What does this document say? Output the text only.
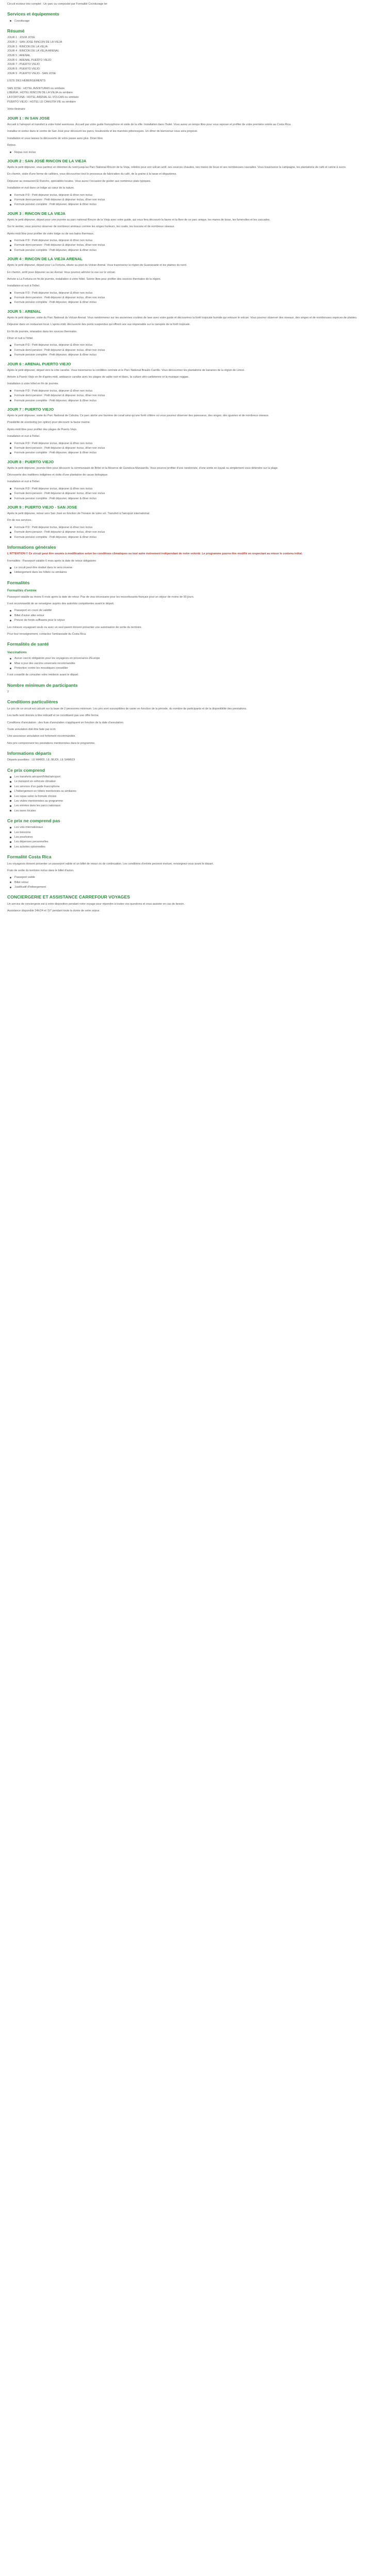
Circuit ecotour très complet : Un parc ou compostel par Formalité Covoiturage ter

Services et équipements
Covoiturage
Résumé
JOUR 1 : JOUR JOSE
JOUR 2 : SAN JOSE RINCON DE LA VIEJA
JOUR 3 : RINCON DE LA VIEJA
JOUR 4 : RINCON DE LA VIEJA ARENAL
JOUR 5 : ARENAL
JOUR 6 : ARENAL PUERTO VIEJO
JOUR 7 : PUERTO VIEJO
JOUR 8 : PUERTO VIEJO
JOUR 9 : PUERTO VIEJO - SAN JOSE
LISTE DES HÉBERGEMENTS
SAN JOSE : HOTEL AVENTURAS ou similaire
LIBERIA : HOTEL RINCON DE LA VIEJA ou similaire
LA FORTUNA : HOTEL ARENAL EL VOLCAN ou similaire
PUERTO VIEJO : HOTEL LE CAHUITA VIE ou similaire
Votre itinéraire
JOUR 1 : IN SAN JOSE

Accueil à l'aéroport et transfert à votre hotel aventuras. Accueil par votre guide francophone et visite de la ville. Installation dans l'hotel. Vous aurez un temps libre pour vous reposer et profiter de votre première soirée au Costa Rica.

Installez et sortez dans le centre de San José pour découvrir les parcs, boulevards et les marchés pittoresques. Un dîner de bienvenue vous sera proposé.

Installation et vous laissez la découverte de votre passe sans plus. Diner libre.

Retour.

Repas non inclus
JOUR 2 : SAN JOSÉ RINCON DE LA VIEJA

Après le petit déjeuner, vous partirez en direction du nord jusqu'au Parc National Rincon de la Vieja, célèbre pour son volcan actif, ses sources chaudes, ses mares de boue et ses nombreuses cascades. Vous traverserez la campagne, les plantations de café et canne à sucre.

En chemin, visite d'une ferme de caféiers, vous découvrirez tout le processus de fabrication du café, de la graine à la tasse et dégusterez.

Déjeuner au restaurant El Rancho, spécialités locales. Vous aurez l'occasion de goûter aux nombreux plats typiques.

Installation et nuit dans un lodge au cœur de la nature.

Formule P.D : Petit déjeuner inclus, déjeuner & dîner non inclus
Formule demi-pension : Petit déjeuner & déjeuner inclus, dîner non inclus
Formule pension complète : Petit déjeuner, déjeuner & dîner inclus
JOUR 3 : RINCON DE LA VIEJA

Après le petit déjeuner, départ pour une journée au parc national Rincon de la Vieja avec votre guide, qui vous fera découvrir la faune et la flore de ce parc unique, les mares de boue, les fumerolles et les cascades.

Sur le sentier, vous pourrez observer de nombreux animaux comme les singes hurleurs, les coatis, les toucans et de nombreux oiseaux.

Après-midi libre pour profiter de votre lodge ou de ses bains thermaux.

Formule P.D : Petit déjeuner inclus, déjeuner & dîner non inclus
Formule demi-pension : Petit déjeuner & déjeuner inclus, dîner non inclus
Formule pension complète : Petit déjeuner, déjeuner & dîner inclus
JOUR 4 : RINCON DE LA VIEJA ARENAL

Après le petit déjeuner, départ pour La Fortuna, située au pied du Volcan Arenal. Vous traverserez la région de Guanacaste et les plaines du nord.

En chemin, arrêt pour déjeuner au lac Arenal. Vous pourrez admirer la vue sur le volcan.

Arrivée à La Fortuna en fin de journée, installation à votre hôtel. Soirée libre pour profiter des sources thermales de la région.

Installation et nuit à l'hôtel.

Formule P.D : Petit déjeuner inclus, déjeuner & dîner non inclus
Formule demi-pension : Petit déjeuner & déjeuner inclus, dîner non inclus
Formule pension complète : Petit déjeuner, déjeuner & dîner inclus
JOUR 5 : ARENAL

Après le petit déjeuner, visite du Parc National du Volcan Arenal. Vous randonnerez sur les anciennes coulées de lave avec votre guide et découvrirez la forêt tropicale humide qui entoure le volcan. Vous pourrez observer des oiseaux, des singes et de nombreuses espèces de plantes.

Déjeuner dans un restaurant local. L'après-midi, découverte des ponts suspendus qui offrent une vue imprenable sur la canopée de la forêt tropicale.

En fin de journée, relaxation dans les sources thermales.

Dîner et nuit à l'hôtel.

Formule P.D : Petit déjeuner inclus, déjeuner & dîner non inclus
Formule demi-pension : Petit déjeuner & déjeuner inclus, dîner non inclus
Formule pension complète : Petit déjeuner, déjeuner & dîner inclus
JOUR 6 : ARENAL PUERTO VIEJO

Après le petit déjeuner, départ vers la côte caraïbe. Vous traverserez la cordillère centrale et le Parc National Braulio Carrillo. Vous découvrirez les plantations de bananes de la région de Limon.

Arrivée à Puerto Viejo en fin d'après-midi, ambiance caraïbe avec les plages de sable noir et blanc, la culture afro-caribéenne et la musique reggae.

Installation à votre hôtel en fin de journée.

Formule P.D : Petit déjeuner inclus, déjeuner & dîner non inclus
Formule demi-pension : Petit déjeuner & déjeuner inclus, dîner non inclus
Formule pension complète : Petit déjeuner, déjeuner & dîner inclus
JOUR 7 : PUERTO VIEJO

Après le petit déjeuner, visite du Parc National de Cahuita. Ce parc abrite une barrière de corail ainsi qu'une forêt côtière où vous pourrez observer des paresseux, des singes, des iguanes et de nombreux oiseaux.

Possibilité de snorkeling (en option) pour découvrir la faune marine.

Après-midi libre pour profiter des plages de Puerto Viejo.

Installation et nuit à l'hôtel.

Formule P.D : Petit déjeuner inclus, déjeuner & dîner non inclus
Formule demi-pension : Petit déjeuner & déjeuner inclus, dîner non inclus
Formule pension complète : Petit déjeuner, déjeuner & dîner inclus
JOUR 8 : PUERTO VIEJO

Après le petit déjeuner, journée libre pour découvrir la communauté de Bribri et la Réserve de Gandoca-Manzanillo. Vous pourrez profiter d'une randonnée, d'une sortie en kayak ou simplement vous détendre sur la plage.

Découverte des traditions indigènes et visite d'une plantation de cacao biologique.

Installation et nuit à l'hôtel.

Formule P.D : Petit déjeuner inclus, déjeuner & dîner non inclus
Formule demi-pension : Petit déjeuner & déjeuner inclus, dîner non inclus
Formule pension complète : Petit déjeuner, déjeuner & dîner inclus
JOUR 9 : PUERTO VIEJO - SAN JOSE

Après le petit déjeuner, retour vers San José en fonction de l'horaire de votre vol. Transfert à l'aéroport international.

Fin de nos services.

Formule P.D : Petit déjeuner inclus, déjeuner & dîner non inclus
Formule demi-pension : Petit déjeuner & déjeuner inclus, dîner non inclus
Formule pension complète : Petit déjeuner, déjeuner & dîner inclus
Informations générales

L'ATTENTION !! Ce circuit peut être soumis à modification selon les conditions climatiques ou tout autre événement indépendant de notre volonté. Le programme pourra être modifié en respectant au mieux le contenu initial.

Formalités : Passeport valable 6 mois après la date de retour obligatoire.

Le circuit peut être réalisé dans le sens inverse
Hébergement dans les hôtels ou similaires
Formalités
Formalités d'entrée

Passeport valable au moins 6 mois après la date de retour. Pas de visa nécessaire pour les ressortissants français pour un séjour de moins de 90 jours.

Il est recommandé de se renseigner auprès des autorités compétentes avant le départ.

Passeport en cours de validité
Billet d'avion aller-retour
Preuve de fonds suffisants pour le séjour

Les mineurs voyageant seuls ou avec un seul parent doivent présenter une autorisation de sortie du territoire.

Pour tout renseignement, contactez l'ambassade du Costa Rica.

Formalités de santé
Vaccinations
Aucun vaccin obligatoire pour les voyageurs en provenance d'Europe
Mise à jour des vaccins universels recommandée
Protection contre les moustiques conseillée

Il est conseillé de consulter votre médecin avant le départ.

Nombre minimum de participants

2

Conditions particulières

Le prix de ce circuit est calculé sur la base de 2 personnes minimum. Les prix sont susceptibles de varier en fonction de la période, du nombre de participants et de la disponibilité des prestations.

Les tarifs sont donnés à titre indicatif et ne constituent pas une offre ferme.

Conditions d'annulation : des frais d'annulation s'appliquent en fonction de la date d'annulation.

Toute annulation doit être faite par écrit.

Une assurance annulation est fortement recommandée.

Nos prix comprennent les prestations mentionnées dans le programme.

Informations départs

Départs possibles : LE MARDI, LE JEUDI, LE SAMEDI

Ce prix comprend
Les transferts aéroport/hôtel/aéroport
Le transport en véhicule climatisé
Les services d'un guide francophone
L'hébergement en hôtels mentionnés ou similaires
Les repas selon la formule choisie
Les visites mentionnées au programme
Les entrées dans les parcs nationaux
Les taxes locales
Ce prix ne comprend pas
Les vols internationaux
Les boissons
Les pourboires
Les dépenses personnelles
Les activités optionnelles
Formalité Costa Rica

Les voyageurs doivent présenter un passeport valide et un billet de retour ou de continuation. Les conditions d'entrée peuvent évoluer, renseignez-vous avant le départ.

Frais de sortie du territoire inclus dans le billet d'avion.

Passeport valide
Billet retour
Justificatif d'hébergement
CONCIERGERIE ET ASSISTANCE CARREFOUR VOYAGES

Un service de conciergerie est à votre disposition pendant votre voyage pour répondre à toutes vos questions et vous assister en cas de besoin.

Assistance disponible 24h/24 et 7j/7 pendant toute la durée de votre séjour.
